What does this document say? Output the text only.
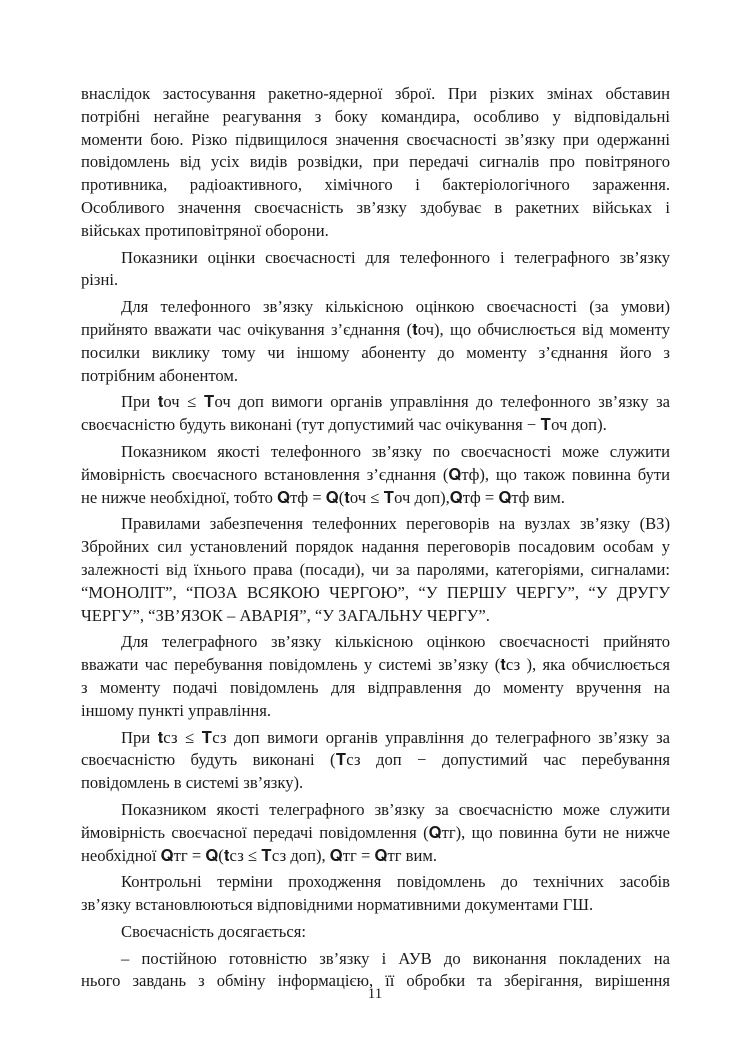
внаслідок застосування ракетно-ядерної зброї. При різких змінах обставин
потрібні негайне реагування з боку командира, особливо у відповідальні
моменти бою. Різко підвищилося значення своєчасності зв’язку при одержанні
повідомлень від усіх видів розвідки, при передачі сигналів про повітряного
противника, радіоактивного, хімічного і бактеріологічного зараження.
Особливого значення своєчасність зв’язку здобуває в ракетних військах і
військах протиповітряної оборони.
Показники оцінки своєчасності для телефонного і телеграфного зв’язку
різні.
Для телефонного зв’язку кількісною оцінкою своєчасності (за умови)
прийнято вважати час очікування з’єднання (𝐭оч), що обчислюється від моменту
посилки виклику тому чи іншому абоненту до моменту з’єднання його з
потрібним абонентом.
При 𝐭оч ≤ 𝐓оч доп вимоги органів управління до телефонного зв’язку за
своєчасністю будуть виконані (тут допустимий час очікування − 𝐓оч доп).
Показником якості телефонного зв’язку по своєчасності може служити
ймовірність своєчасного встановлення з’єднання (𝐐тф), що також повинна бути
не нижче необхідної, тобто 𝐐тф = 𝐐(𝐭оч ≤ 𝐓оч доп),𝐐тф = 𝐐тф вим.
Правилами забезпечення телефонних переговорів на вузлах зв’язку (ВЗ)
Збройних сил установлений порядок надання переговорів посадовим особам у
залежності від їхнього права (посади), чи за паролями, категоріями, сигналами:
“МОНОЛІТ”, “ПОЗА ВСЯКОЮ ЧЕРГОЮ”, “У ПЕРШУ ЧЕРГУ”, “У ДРУГУ
ЧЕРГУ”, “ЗВ’ЯЗОК – АВАРІЯ”, “У ЗАГАЛЬНУ ЧЕРГУ”.
Для телеграфного зв’язку кількісною оцінкою своєчасності прийнято
вважати час перебування повідомлень у системі зв’язку (𝐭сз ), яка обчислюється
з моменту подачі повідомлень для відправлення до моменту вручення на
іншому пункті управління.
При 𝐭сз ≤ 𝐓сз доп вимоги органів управління до телеграфного зв’язку за
своєчасністю будуть виконані (𝐓сз доп − допустимий час перебування
повідомлень в системі зв’язку).
Показником якості телеграфного зв’язку за своєчасністю може служити
ймовірність своєчасної передачі повідомлення (𝐐тг), що повинна бути не нижче
необхідної 𝐐тг = 𝐐(𝐭сз ≤ 𝐓сз доп), 𝐐тг = 𝐐тг вим.
Контрольні терміни проходження повідомлень до технічних засобів
зв’язку встановлюються відповідними нормативними документами ГШ.
Своєчасність досягається:
– постійною готовністю зв’язку і АУВ до виконання покладених на
нього завдань з обміну інформацією, її обробки та зберігання, вирішення
11
